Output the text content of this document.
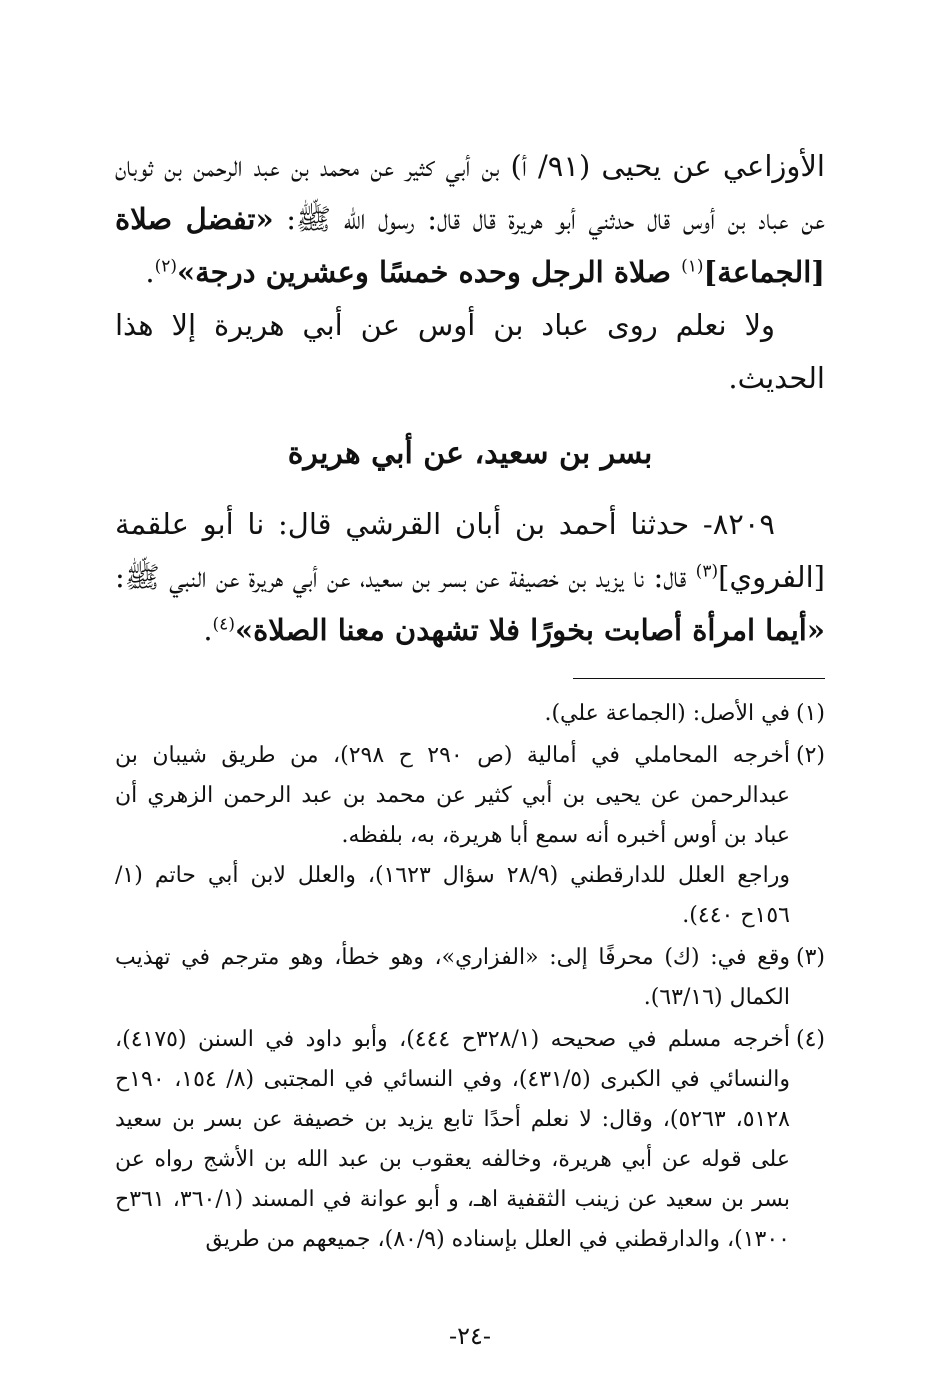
الأوزاعي عن يحيى (٩١/ أ) بن أبي كثير عن محمد بن عبد الرحمن بن ثوبان عن عباد بن أوس قال حدثني أبو هريرة قال قال: رسول الله ﷺ: «تفضل صلاة [الجماعة]$^{(١)}$ صلاة الرجل وحده خمسًا وعشرين درجة»$^{(٢)}$.

ولا نعلم روى عباد بن أوس عن أبي هريرة إلا هذا الحديث.

بسر بن سعيد، عن أبي هريرة

٨٢٠٩- حدثنا أحمد بن أبان القرشي قال: نا أبو علقمة [الفروي]$^{(٣)}$ قال: نا يزيد بن خصيفة عن بسر بن سعيد، عن أبي هريرة عن النبي ﷺ: «أيما امرأة أصابت بخورًا فلا تشهدن معنا الصلاة»$^{(٤)}$.

(١)

في الأصل: (الجماعة علي).

(٢)

أخرجه المحاملي في أمالية (ص ٢٩٠ ح ٢٩٨)، من طريق شيبان بن عبدالرحمن عن يحيى بن أبي كثير عن محمد بن عبد الرحمن الزهري أن عباد بن أوس أخبره أنه سمع أبا هريرة، به، بلفظه.

وراجع العلل للدارقطني (٢٨/٩ سؤال ١٦٢٣)، والعلل لابن أبي حاتم (١/ ١٥٦ح ٤٤٠).

(٣)

وقع في: (ك) محرفًا إلى: «الفزاري»، وهو خطأ، وهو مترجم في تهذيب الكمال (٦٣/١٦).

(٤)

أخرجه مسلم في صحيحه (٣٢٨/١ح ٤٤٤)، وأبو داود في السنن (٤١٧٥)، والنسائي في الكبرى (٤٣١/٥)، وفي النسائي في المجتبى (٨/ ١٥٤، ١٩٠ح ٥١٢٨، ٥٢٦٣)، وقال: لا نعلم أحدًا تابع يزيد بن خصيفة عن بسر بن سعيد على قوله عن أبي هريرة، وخالفه يعقوب بن عبد الله بن الأشج رواه عن بسر بن سعيد عن زينب الثقفية اهـ، و أبو عوانة في المسند (٣٦٠/١، ٣٦١ح ١٣٠٠)، والدارقطني في العلل بإسناده (٨٠/٩)، جميعهم من طريق

-٢٤-
